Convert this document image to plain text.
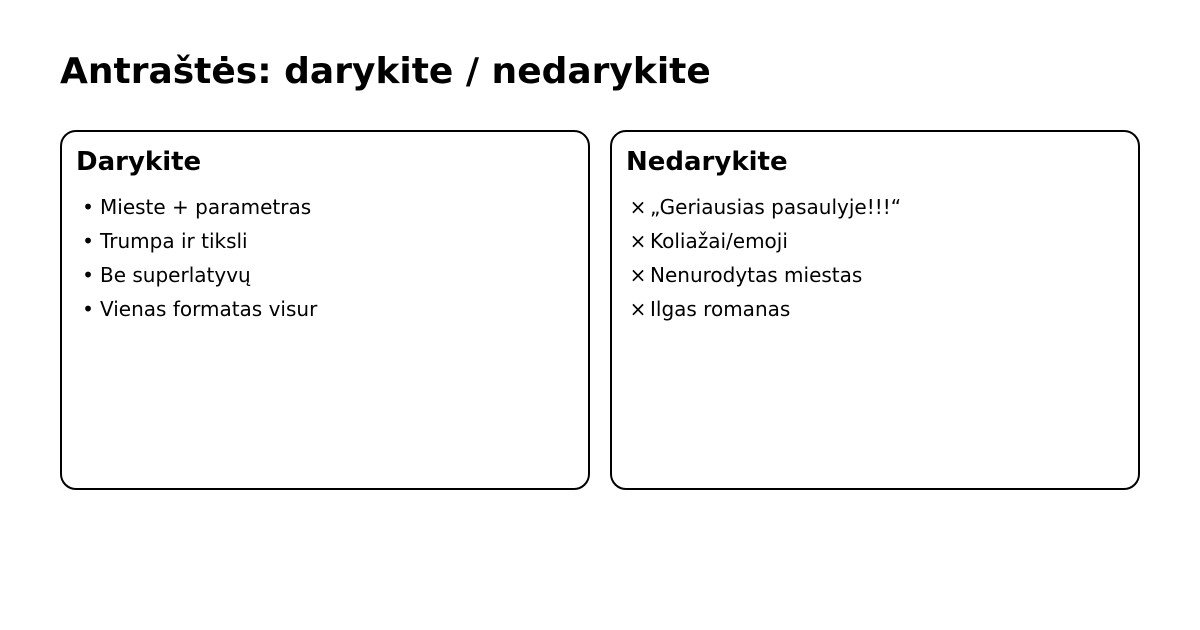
Antraštės: darykite / nedarykite
Darykite
• Mieste + parametras
• Trumpa ir tiksli
• Be superlatyvų
• Vienas formatas visur
Nedarykite
× „Geriausias pasaulyje!!!“
× Koliažai/emoji
× Nenurodytas miestas
× Ilgas romanas
